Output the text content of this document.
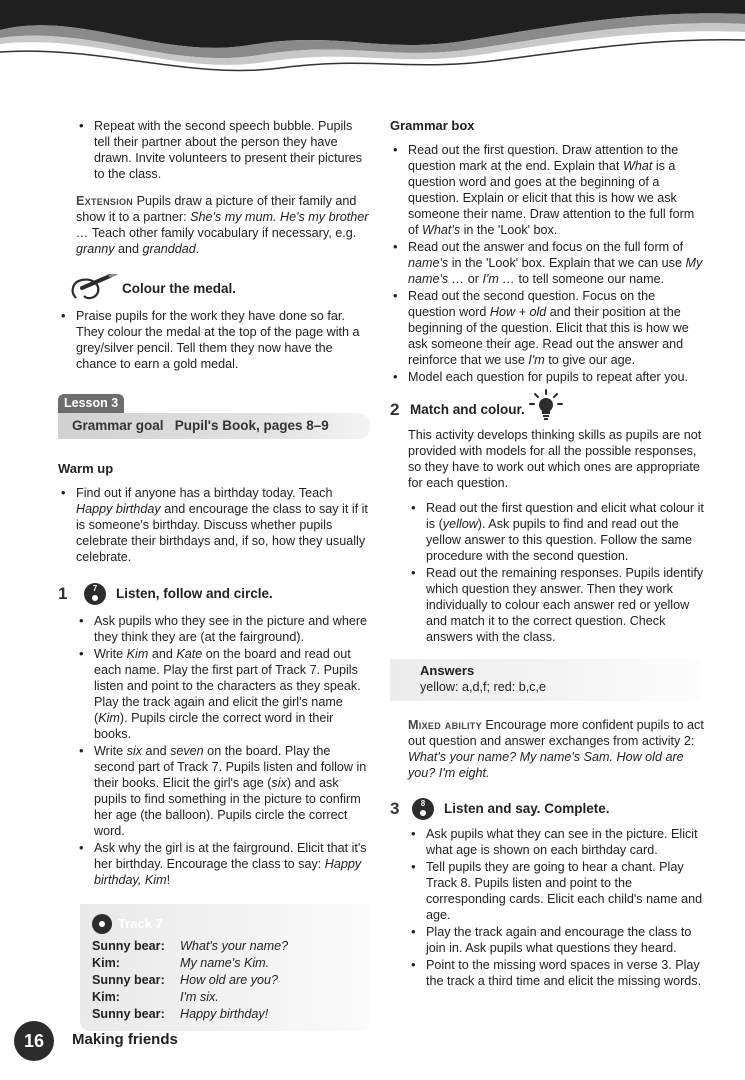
• Repeat with the second speech bubble. Pupils tell their partner about the person they have drawn. Invite volunteers to present their pictures to the class.

Extension Pupils draw a picture of their family and show it to a partner: She's my mum. He's my brother … Teach other family vocabulary if necessary, e.g. granny and granddad.

Colour the medal.
• Praise pupils for the work they have done so far. They colour the medal at the top of the page with a grey/silver pencil. Tell them they now have the chance to earn a gold medal.
Lesson 3
Grammar goal   Pupil's Book, pages 8–9
Warm up
• Find out if anyone has a birthday today. Teach Happy birthday and encourage the class to say it if it is someone's birthday. Discuss whether pupils celebrate their birthdays and, if so, how they usually celebrate.
1	7	Listen, follow and circle.
• Ask pupils who they see in the picture and where they think they are (at the fairground).
• Write Kim and Kate on the board and read out each name. Play the first part of Track 7. Pupils listen and point to the characters as they speak. Play the track again and elicit the girl's name (Kim). Pupils circle the correct word in their books.
• Write six and seven on the board. Play the second part of Track 7. Pupils listen and follow in their books. Elicit the girl's age (six) and ask pupils to find something in the picture to confirm her age (the balloon). Pupils circle the correct word.
• Ask why the girl is at the fairground. Elicit that it's her birthday. Encourage the class to say: Happy birthday, Kim!
Track 7
Sunny bear:	What's your name?
Kim:	My name's Kim.
Sunny bear:	How old are you?
Kim:	I'm six.
Sunny bear:	Happy birthday!
Grammar box
• Read out the first question. Draw attention to the question mark at the end. Explain that What is a question word and goes at the beginning of a question. Explain or elicit that this is how we ask someone their name. Draw attention to the full form of What's in the 'Look' box.
• Read out the answer and focus on the full form of name's in the 'Look' box. Explain that we can use My name's … or I'm … to tell someone our name.
• Read out the second question. Focus on the question word How + old and their position at the beginning of the question. Elicit that this is how we ask someone their age. Read out the answer and reinforce that we use I'm to give our age.
• Model each question for pupils to repeat after you.
2 Match and colour.

This activity develops thinking skills as pupils are not provided with models for all the possible responses, so they have to work out which ones are appropriate for each question.

• Read out the first question and elicit what colour it is (yellow). Ask pupils to find and read out the yellow answer to this question. Follow the same procedure with the second question.
• Read out the remaining responses. Pupils identify which question they answer. Then they work individually to colour each answer red or yellow and match it to the correct question. Check answers with the class.
Answers
yellow: a,d,f; red: b,c,e

Mixed ability Encourage more confident pupils to act out question and answer exchanges from activity 2: What's your name? My name's Sam. How old are you? I'm eight.

3	8	Listen and say. Complete.
• Ask pupils what they can see in the picture. Elicit what age is shown on each birthday card.
• Tell pupils they are going to hear a chant. Play Track 8. Pupils listen and point to the corresponding cards. Elicit each child's name and age.
• Play the track again and encourage the class to join in. Ask pupils what questions they heard.
• Point to the missing word spaces in verse 3. Play the track a third time and elicit the missing words.
16	Making friends
